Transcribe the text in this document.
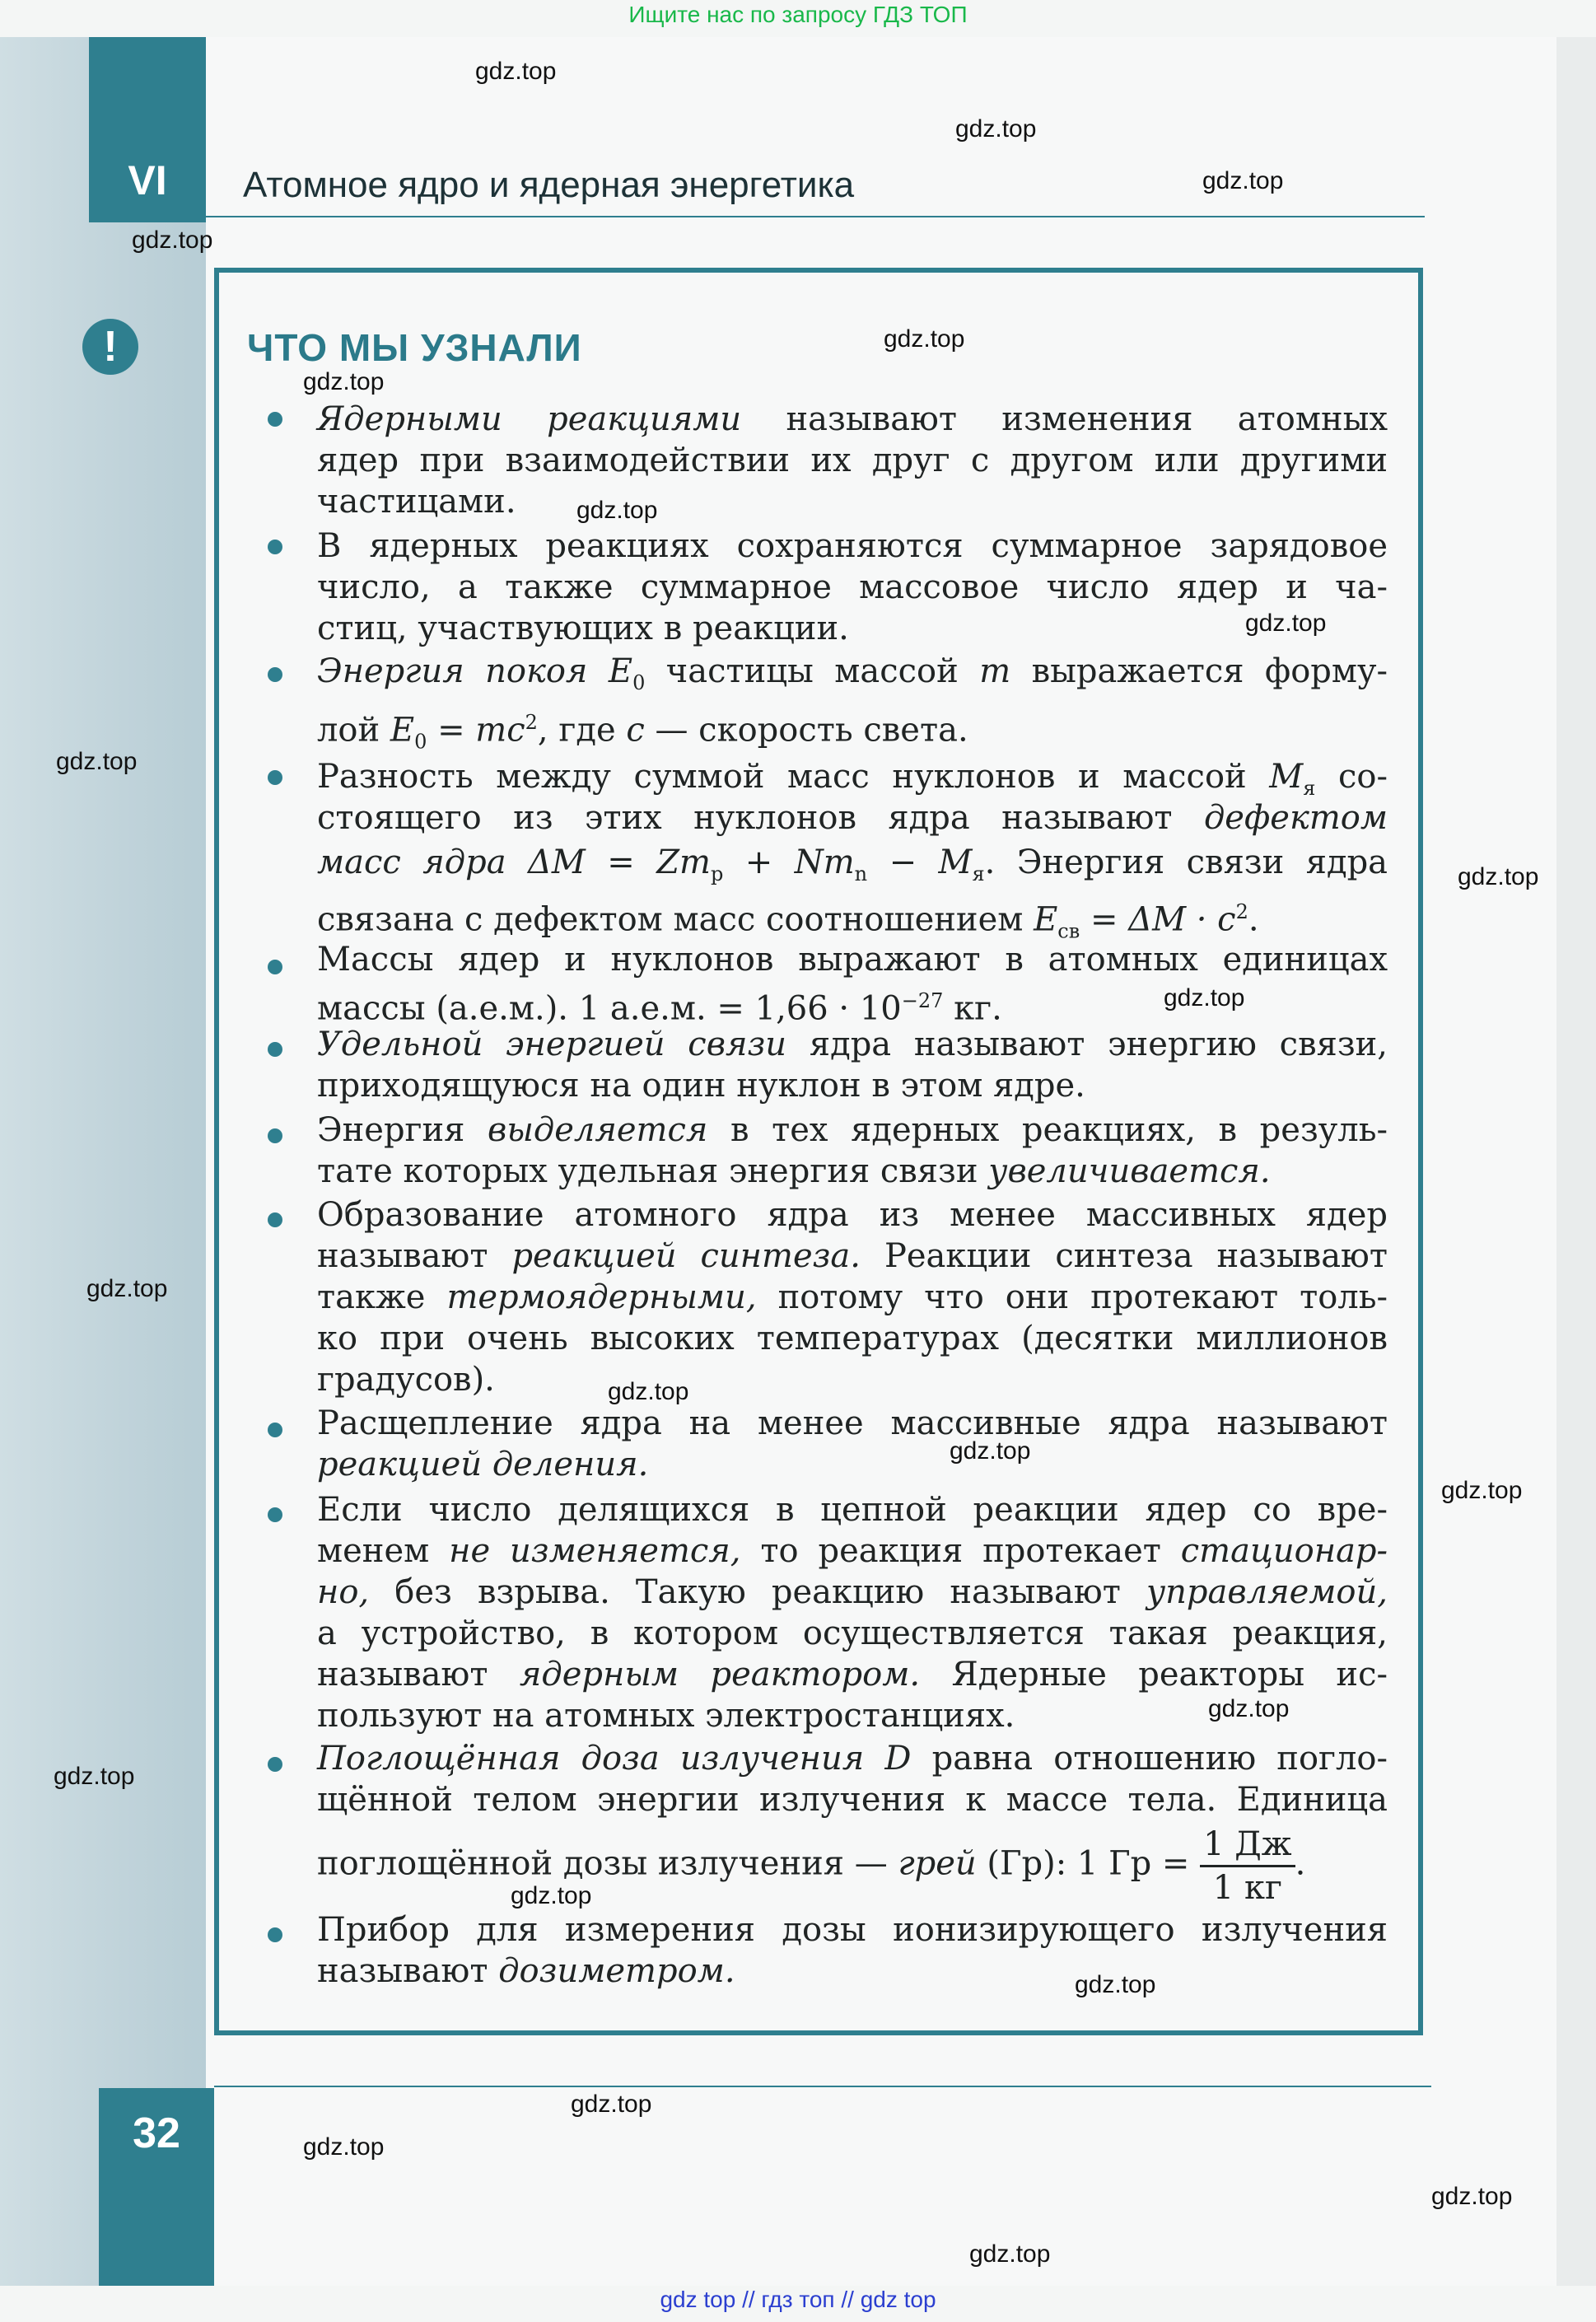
Ищите нас по запросу ГДЗ ТОП
VI	Атомное ядро и ядерная энергетика
!	ЧТО МЫ УЗНАЛИ
Ядерными реакциями называют изменения атомных
ядер при взаимодействии их друг с другом или другими
частицами.
В ядерных реакциях сохраняются суммарное зарядовое
число, а также суммарное массовое число ядер и ча-
стиц, участвующих в реакции.
Энергия покоя $E_0$ частицы массой m выражается форму-
лой $E_0 = mc^2$, где c — скорость света.
Разность между суммой масс нуклонов и массой $M_я$ со-
стоящего из этих нуклонов ядра называют дефектом
масс ядра $\Delta M = Zm_p + Nm_n - M_я$. Энергия связи ядра
связана с дефектом масс соотношением $E_{св} = \Delta M \cdot c^2$.
Массы ядер и нуклонов выражают в атомных единицах
массы (а.е.м.). 1 а.е.м. = $1,66 \cdot 10^{-27}$ кг.
Удельной энергией связи ядра называют энергию связи,
приходящуюся на один нуклон в этом ядре.
Энергия выделяется в тех ядерных реакциях, в резуль-
тате которых удельная энергия связи увеличивается.
Образование атомного ядра из менее массивных ядер
называют реакцией синтеза. Реакции синтеза называют
также термоядерными, потому что они протекают толь-
ко при очень высоких температурах (десятки миллионов
градусов).
Расщепление ядра на менее массивные ядра называют
реакцией деления.
Если число делящихся в цепной реакции ядер со вре-
менем не изменяется, то реакция протекает стационар-
но, без взрыва. Такую реакцию называют управляемой,
а устройство, в котором осуществляется такая реакция,
называют ядерным реактором. Ядерные реакторы ис-
пользуют на атомных электростанциях.
Поглощённая доза излучения D равна отношению погло-
щённой телом энергии излучения к массе тела. Единица
поглощённой дозы излучения — грей (Гр): 1 Гр = $\frac{1 Дж}{1 кг}$ .
Прибор для измерения дозы ионизирующего излучения
называют дозиметром.
32
gdz.top
gdz.top
gdz.top
gdz.top
gdz.top
gdz.top
gdz.top
gdz.top
gdz.top
gdz.top
gdz.top
gdz.top
gdz.top
gdz.top
gdz.top
gdz.top
gdz.top
gdz.top
gdz.top
gdz.top
gdz.top
gdz.top
gdz.top
gdz top // гдз топ // gdz top
